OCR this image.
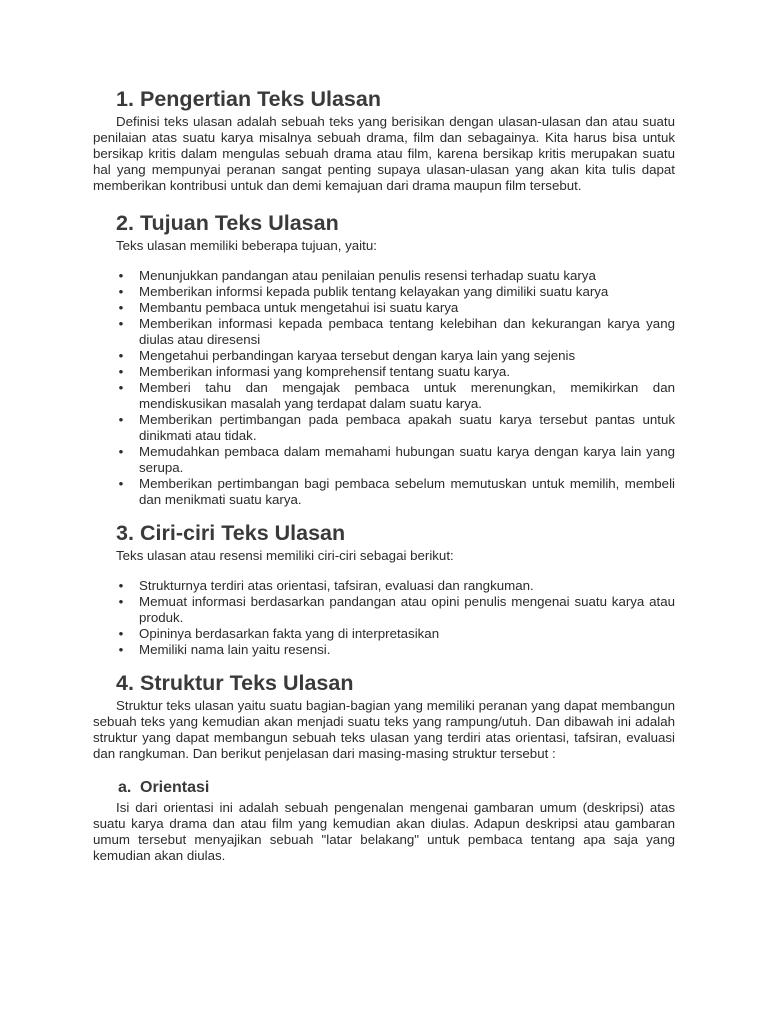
1. Pengertian Teks Ulasan

Definisi teks ulasan adalah sebuah teks yang berisikan dengan ulasan-ulasan dan atau suatu penilaian atas suatu karya misalnya sebuah drama, film dan sebagainya. Kita harus bisa untuk bersikap kritis dalam mengulas sebuah drama atau film, karena bersikap kritis merupakan suatu hal yang mempunyai peranan sangat penting supaya ulasan-ulasan yang akan kita tulis dapat memberikan kontribusi untuk dan demi kemajuan dari drama maupun film tersebut.

2. Tujuan Teks Ulasan

Teks ulasan memiliki beberapa tujuan, yaitu:

• Menunjukkan pandangan atau penilaian penulis resensi terhadap suatu karya
• Memberikan informsi kepada publik tentang kelayakan yang dimiliki suatu karya
• Membantu pembaca untuk mengetahui isi suatu karya
• Memberikan informasi kepada pembaca tentang kelebihan dan kekurangan karya yang diulas atau diresensi
• Mengetahui perbandingan karyaa tersebut dengan karya lain yang sejenis
• Memberikan informasi yang komprehensif tentang suatu karya.
• Memberi tahu dan mengajak pembaca untuk merenungkan, memikirkan dan mendiskusikan masalah yang terdapat dalam suatu karya.
• Memberikan pertimbangan pada pembaca apakah suatu karya tersebut pantas untuk dinikmati atau tidak.
• Memudahkan pembaca dalam memahami hubungan suatu karya dengan karya lain yang serupa.
• Memberikan pertimbangan bagi pembaca sebelum memutuskan untuk memilih, membeli dan menikmati suatu karya.
3. Ciri-ciri Teks Ulasan

Teks ulasan atau resensi memiliki ciri-ciri sebagai berikut:

• Strukturnya terdiri atas orientasi, tafsiran, evaluasi dan rangkuman.
• Memuat informasi berdasarkan pandangan atau opini penulis mengenai suatu karya atau produk.
• Opininya berdasarkan fakta yang di interpretasikan
• Memiliki nama lain yaitu resensi.
4. Struktur Teks Ulasan

Struktur teks ulasan yaitu suatu bagian-bagian yang memiliki peranan yang dapat membangun sebuah teks yang kemudian akan menjadi suatu teks yang rampung/utuh. Dan dibawah ini adalah struktur yang dapat membangun sebuah teks ulasan yang terdiri atas orientasi, tafsiran, evaluasi dan rangkuman. Dan berikut penjelasan dari masing-masing struktur tersebut :

a. Orientasi

Isi dari orientasi ini adalah sebuah pengenalan mengenai gambaran umum (deskripsi) atas suatu karya drama dan atau film yang kemudian akan diulas. Adapun deskripsi atau gambaran umum tersebut menyajikan sebuah "latar belakang" untuk pembaca tentang apa saja yang kemudian akan diulas.
